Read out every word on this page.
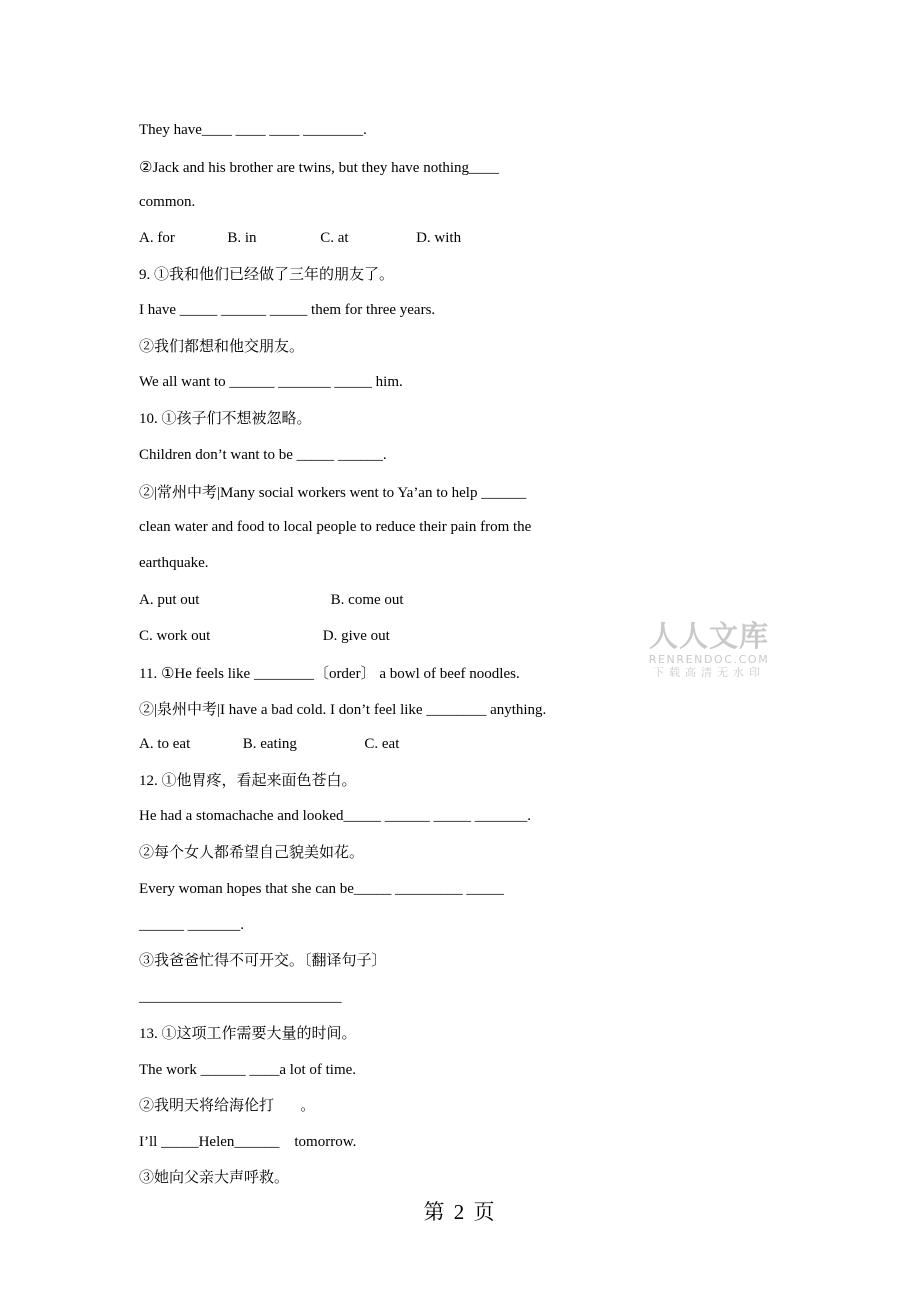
They have____ ____ ____ ________.
②Jack and his brother are twins, but they have nothing____
common.
A. for              B. in                 C. at                  D. with
9. ①我和他们已经做了三年的朋友了。
I have _____ ______ _____ them for three years.
②我们都想和他交朋友。
We all want to ______ _______ _____ him.
10. ①孩子们不想被忽略。
Children don’t want to be _____ ______.
②|常州中考|Many social workers went to Ya’an to help ______
clean water and food to local people to reduce their pain from the
earthquake.
A. put out                                   B. come out
C. work out                              D. give out
11. ①He feels like ________〔order〕 a bowl of beef noodles.
②|泉州中考|I have a bad cold. I don’t feel like ________ anything.
A. to eat              B. eating                  C. eat
12. ①他胃疼，看起来面色苍白。
He had a stomachache and looked_____ ______ _____ _______.
②每个女人都希望自己貌美如花。
Every woman hopes that she can be_____ _________ _____
______ _______.
③我爸爸忙得不可开交。〔翻译句子〕
___________________________
13. ①这项工作需要大量的时间。
The work ______ ____a lot of time.
②我明天将给海伦打       。
I’ll _____Helen______    tomorrow.
③她向父亲大声呼救。
人人文库
RENRENDOC.COM
下载高清无水印
第 2 页
